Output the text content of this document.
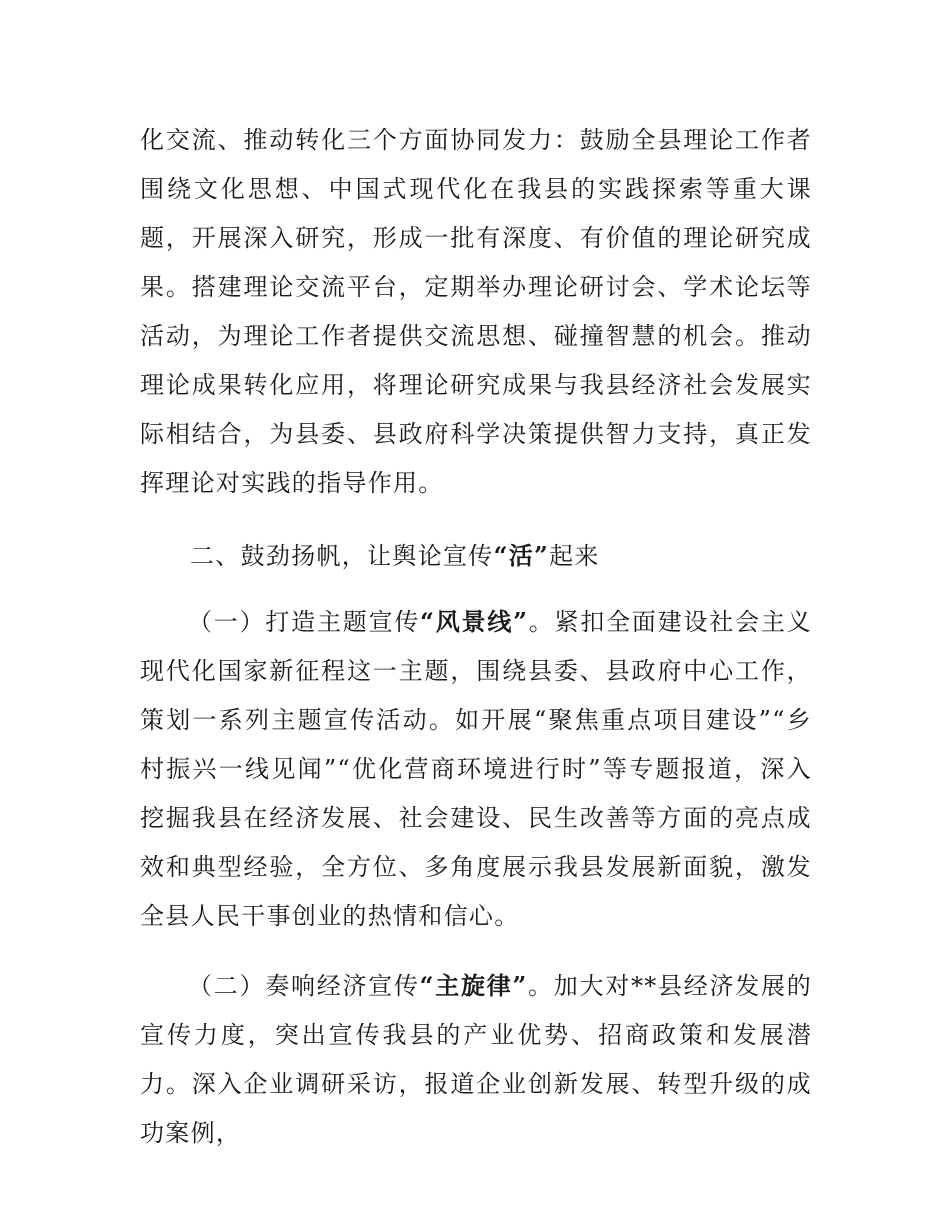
化交流、推动转化三个方面协同发力：鼓励全县理论工作者围绕文化思想、中国式现代化在我县的实践探索等重大课题，开展深入研究，形成一批有深度、有价值的理论研究成果。搭建理论交流平台，定期举办理论研讨会、学术论坛等活动，为理论工作者提供交流思想、碰撞智慧的机会。推动理论成果转化应用，将理论研究成果与我县经济社会发展实际相结合，为县委、县政府科学决策提供智力支持，真正发挥理论对实践的指导作用。

二、鼓劲扬帆，让舆论宣传“活”起来

（一）打造主题宣传“风景线”。紧扣全面建设社会主义现代化国家新征程这一主题，围绕县委、县政府中心工作，策划一系列主题宣传活动。如开展“聚焦重点项目建设”“乡村振兴一线见闻”“优化营商环境进行时”等专题报道，深入挖掘我县在经济发展、社会建设、民生改善等方面的亮点成效和典型经验，全方位、多角度展示我县发展新面貌，激发全县人民干事创业的热情和信心。

（二）奏响经济宣传“主旋律”。加大对**县经济发展的宣传力度，突出宣传我县的产业优势、招商政策和发展潜力。深入企业调研采访，报道企业创新发展、转型升级的成功案例，
